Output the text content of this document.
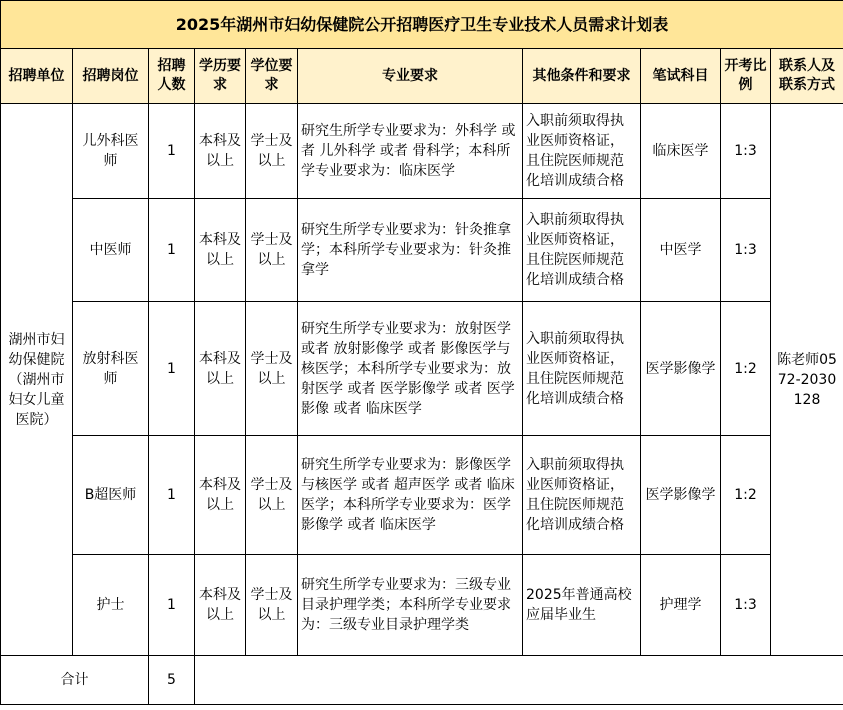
2025年湖州市妇幼保健院公开招聘医疗卫生专业技术人员需求计划表									
招聘单位	招聘岗位	招聘人数	学历要求	学位要求	专业要求	其他条件和要求	笔试科目	开考比例	联系人及联系方式
湖州市妇幼保健院（湖州市妇女儿童医院）	儿外科医师	1	本科及以上	学士及以上	研究生所学专业要求为：外科学 或者 儿外科学 或者 骨科学；本科所学专业要求为：临床医学	入职前须取得执业医师资格证，且住院医师规范化培训成绩合格	临床医学	1:3	陈老师0572-2030128
	中医师	1	本科及以上	学士及以上	研究生所学专业要求为：针灸推拿学；本科所学专业要求为：针灸推拿学	入职前须取得执业医师资格证，且住院医师规范化培训成绩合格	中医学	1:3	
	放射科医师	1	本科及以上	学士及以上	研究生所学专业要求为：放射医学 或者 放射影像学 或者 影像医学与核医学；本科所学专业要求为：放射医学 或者 医学影像学 或者 医学影像 或者 临床医学	入职前须取得执业医师资格证，且住院医师规范化培训成绩合格	医学影像学	1:2	
	B超医师	1	本科及以上	学士及以上	研究生所学专业要求为：影像医学与核医学 或者 超声医学 或者 临床医学；本科所学专业要求为：医学影像学 或者 临床医学	入职前须取得执业医师资格证，且住院医师规范化培训成绩合格	医学影像学	1:2	
	护士	1	本科及以上	学士及以上	研究生所学专业要求为：三级专业目录护理学类；本科所学专业要求为：三级专业目录护理学类	2025年普通高校应届毕业生	护理学	1:3	
合计		5							
